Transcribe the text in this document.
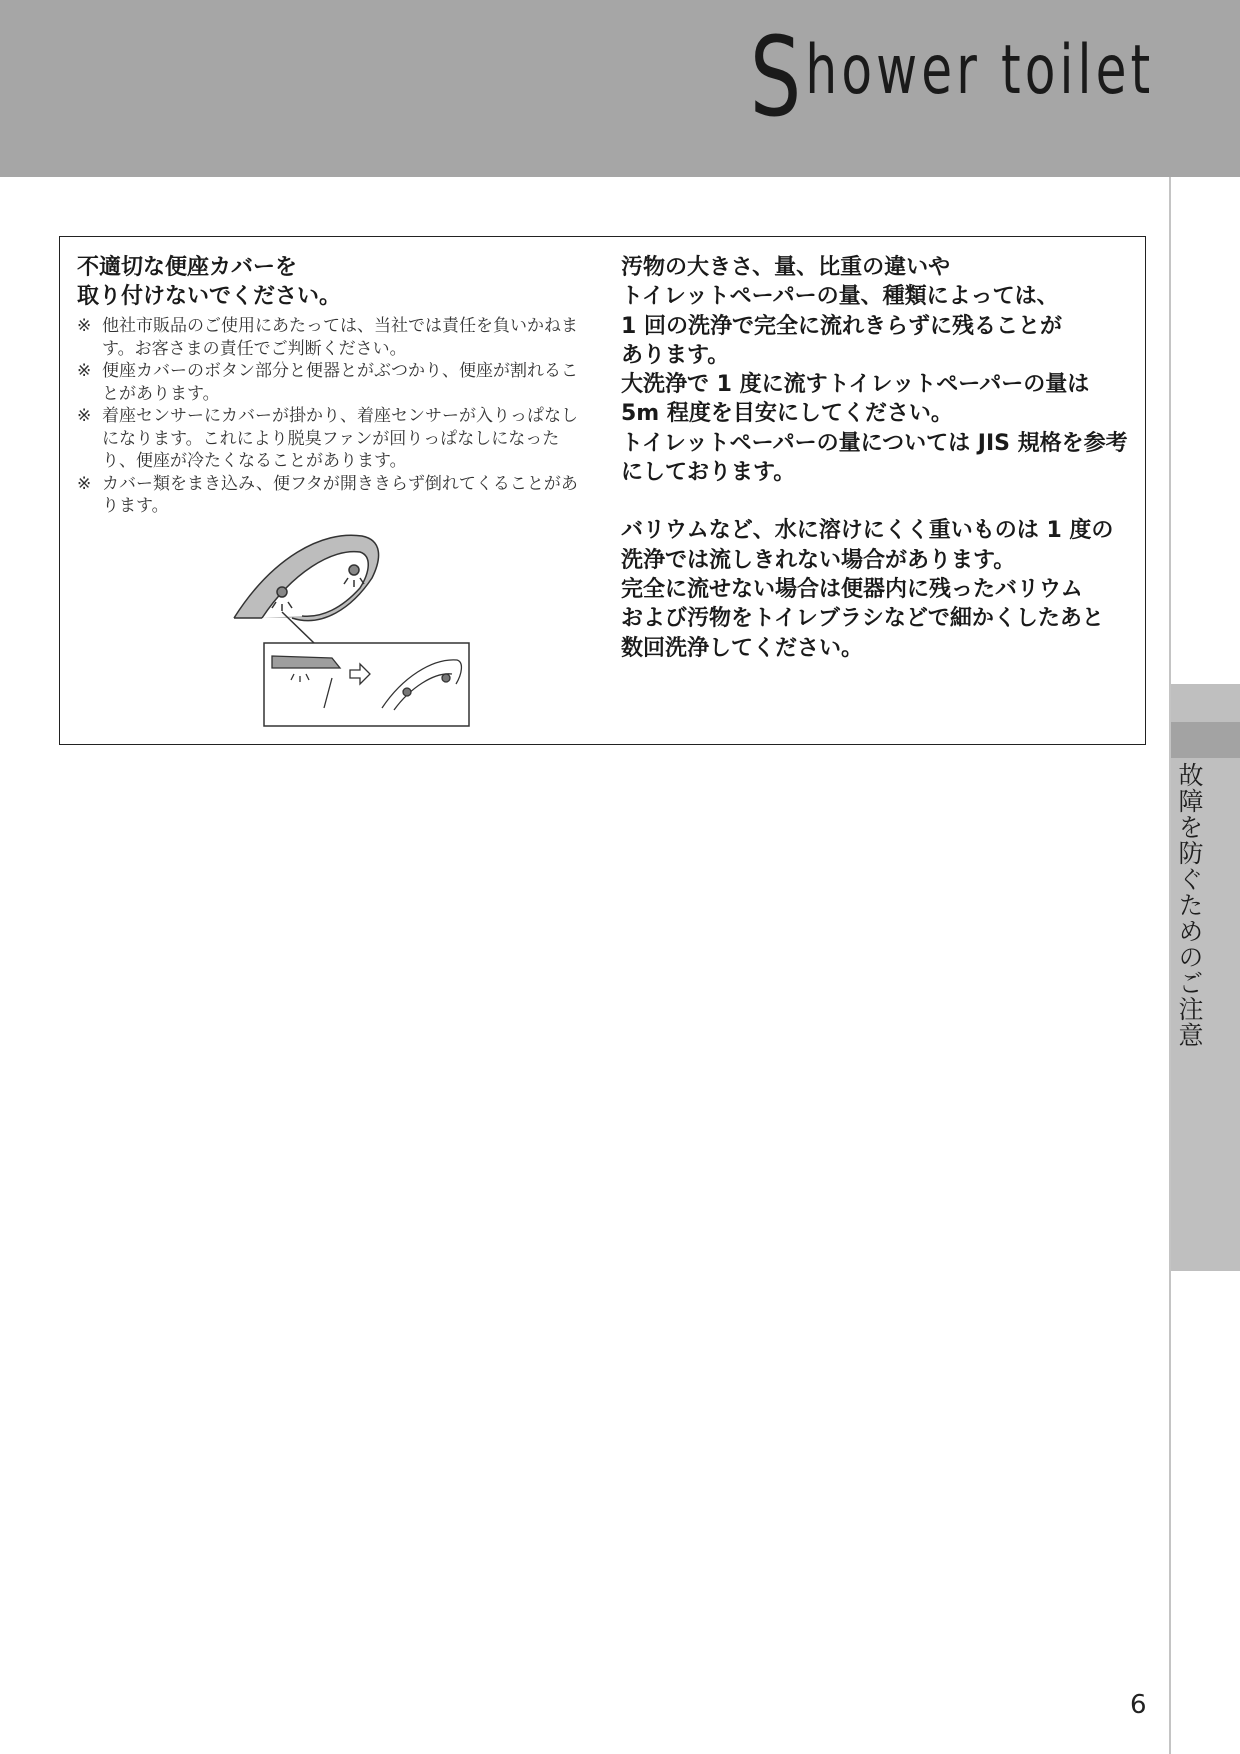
Shower toilet
故障を防ぐためのご注意

不適切な便座カバーを
取り付けないでください。

※ 他社市販品のご使用にあたっては、当社では責任を負いかねます。お客さまの責任でご判断ください。
※ 便座カバーのボタン部分と便器とがぶつかり、便座が割れることがあります。
※ 着座センサーにカバーが掛かり、着座センサーが入りっぱなしになります。これにより脱臭ファンが回りっぱなしになったり、便座が冷たくなることがあります。
※ カバー類をまき込み、便フタが開ききらず倒れてくることがあります。

汚物の大きさ、量、比重の違いや

トイレットペーパーの量、種類によっては、

1 回の洗浄で完全に流れきらずに残ることが

あります。

大洗浄で 1 度に流すトイレットペーパーの量は

5m 程度を目安にしてください。

トイレットペーパーの量については JIS 規格を参考

にしております。

バリウムなど、水に溶けにくく重いものは 1 度の

洗浄では流しきれない場合があります。

完全に流せない場合は便器内に残ったバリウム

および汚物をトイレブラシなどで細かくしたあと

数回洗浄してください。

6
